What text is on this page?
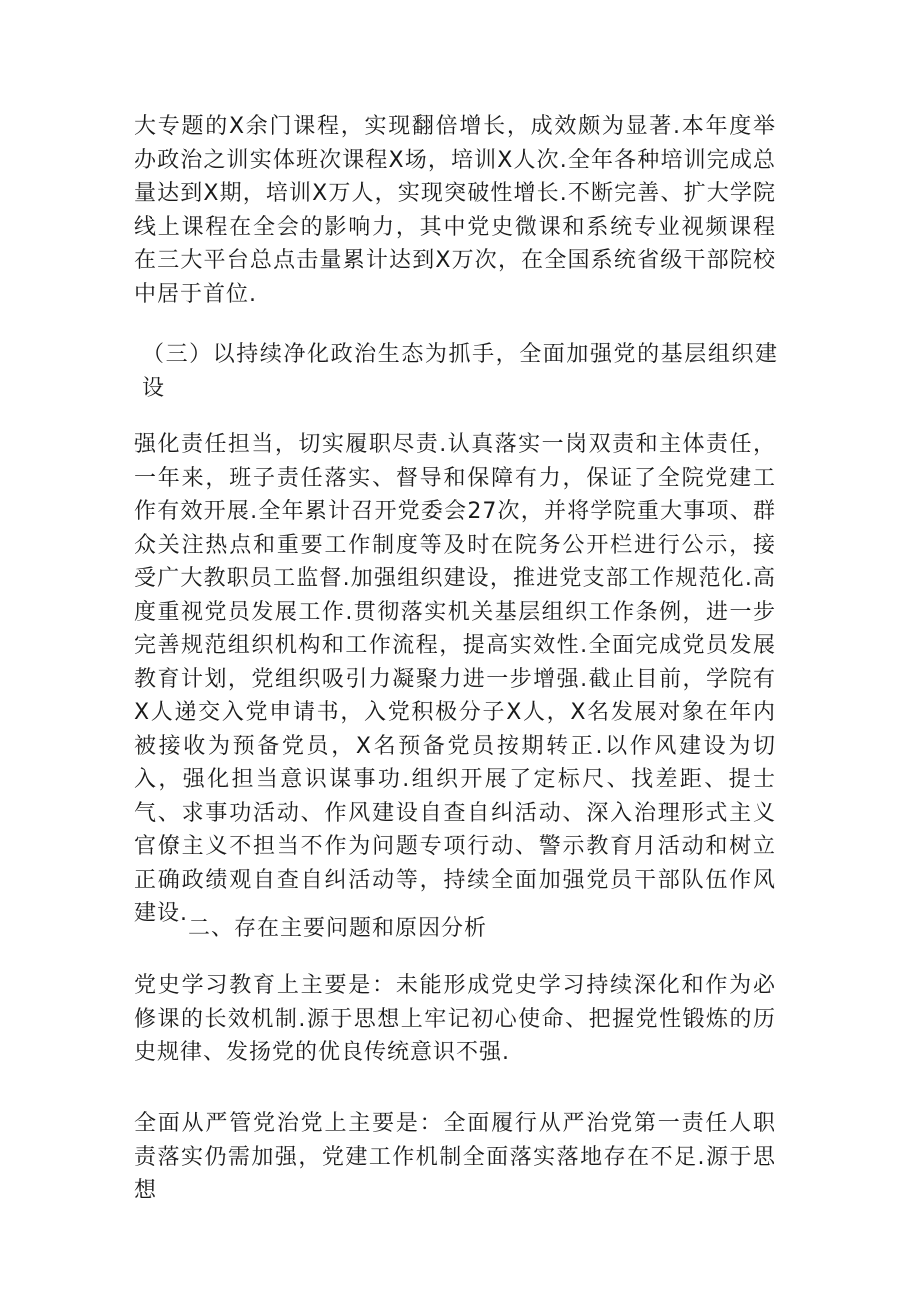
大专题的X余门课程，实现翻倍增长，成效颇为显著.本年度举办政治之训实体班次课程X场，培训X人次.全年各种培训完成总量达到X期，培训X万人，实现突破性增长.不断完善、扩大学院线上课程在全会的影响力，其中党史微课和系统专业视频课程在三大平台总点击量累计达到X万次，在全国系统省级干部院校中居于首位.

（三）以持续净化政治生态为抓手，全面加强党的基层组织建设

强化责任担当，切实履职尽责.认真落实一岗双责和主体责任，一年来，班子责任落实、督导和保障有力，保证了全院党建工作有效开展.全年累计召开党委会27次，并将学院重大事项、群众关注热点和重要工作制度等及时在院务公开栏进行公示，接受广大教职员工监督.加强组织建设，推进党支部工作规范化.高度重视党员发展工作.贯彻落实机关基层组织工作条例，进一步完善规范组织机构和工作流程，提高实效性.全面完成党员发展教育计划，党组织吸引力凝聚力进一步增强.截止目前，学院有X人递交入党申请书，入党积极分子X人，X名发展对象在年内被接收为预备党员，X名预备党员按期转正.以作风建设为切入，强化担当意识谋事功.组织开展了定标尺、找差距、提士气、求事功活动、作风建设自查自纠活动、深入治理形式主义官僚主义不担当不作为问题专项行动、警示教育月活动和树立正确政绩观自查自纠活动等，持续全面加强党员干部队伍作风建设.

二、存在主要问题和原因分析

党史学习教育上主要是：未能形成党史学习持续深化和作为必修课的长效机制.源于思想上牢记初心使命、把握党性锻炼的历史规律、发扬党的优良传统意识不强.

全面从严管党治党上主要是：全面履行从严治党第一责任人职责落实仍需加强，党建工作机制全面落实落地存在不足.源于思想
